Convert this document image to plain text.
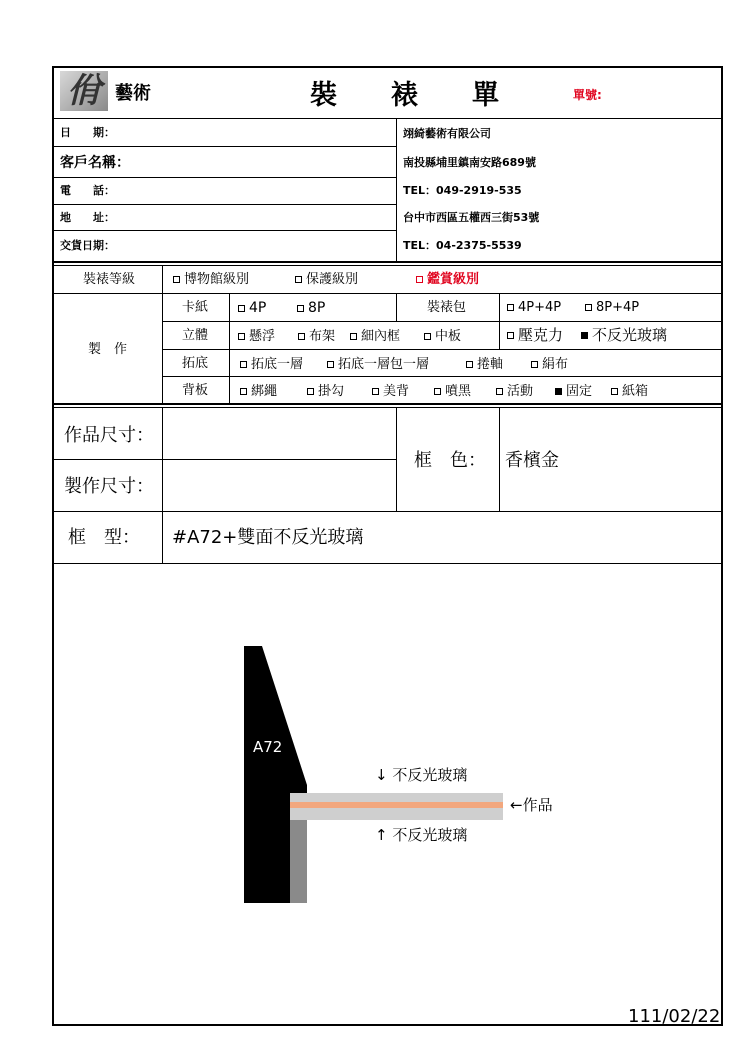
佾 藝術	裝　　裱　　單	單號:
日　　期：
客戶名稱：
電　　話：
地　　址：
交貨日期：
翊綺藝術有限公司
南投縣埔里鎮南安路689號
TEL：049-2919-535
台中市西區五權西三街53號
TEL：04-2375-5539
裝裱等級	博物館級別	保護級別	鑑賞級別
製　作
卡紙	4P	8P	裝裱包	4P+4P	8P+4P
立體	懸浮	布架	細內框	中板	壓克力	不反光玻璃
拓底	拓底一層	拓底一層包一層	捲軸	絹布
背板	綁繩	掛勾	美背	噴黑	活動	固定	紙箱
作品尺寸：
製作尺寸：
框　色： 香檳金
框　型： #A72+雙面不反光玻璃
A72
↓ 不反光玻璃
←作品
↑ 不反光玻璃
111/02/22
